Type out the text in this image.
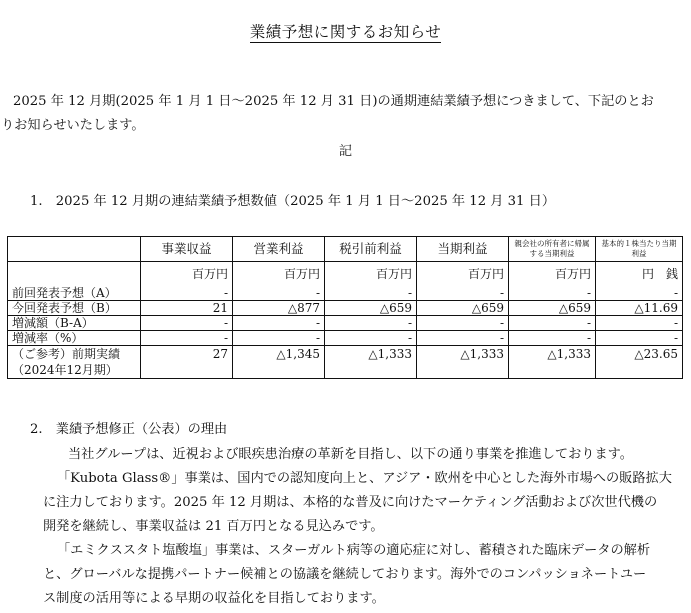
業績予想に関するお知らせ
2025 年 12 月期(2025 年 1 月 1 日～2025 年 12 月 31 日)の通期連結業績予想につきまして、下記のとお
りお知らせいたします。
記
1.　2025 年 12 月期の連結業績予想数値（2025 年 1 月 1 日～2025 年 12 月 31 日）
	事業収益	営業利益	税引前利益	当期利益	親会社の所有者に帰属する当期利益	基本的１株当たり当期利益
	百万円	百万円	百万円	百万円	百万円	円　銭
前回発表予想（A）	-	-	-	-	-	-
今回発表予想（B）	21	△877	△659	△659	△659	△11.69
増減額（B-A）	-	-	-	-	-	-
増減率（%）	-	-	-	-	-	-
（ご参考）前期実績（2024年12月期）	27	△1,345	△1,333	△1,333	△1,333	△23.65
2.　業績予想修正（公表）の理由
当社グループは、近視および眼疾患治療の革新を目指し、以下の通り事業を推進しております。
「Kubota Glass®」事業は、国内での認知度向上と、アジア・欧州を中心とした海外市場への販路拡大
に注力しております。2025 年 12 月期は、本格的な普及に向けたマーケティング活動および次世代機の
開発を継続し、事業収益は 21 百万円となる見込みです。
「エミクススタト塩酸塩」事業は、スターガルト病等の適応症に対し、蓄積された臨床データの解析
と、グローバルな提携パートナー候補との協議を継続しております。海外でのコンパッショネートユー
ス制度の活用等による早期の収益化を目指しております。
